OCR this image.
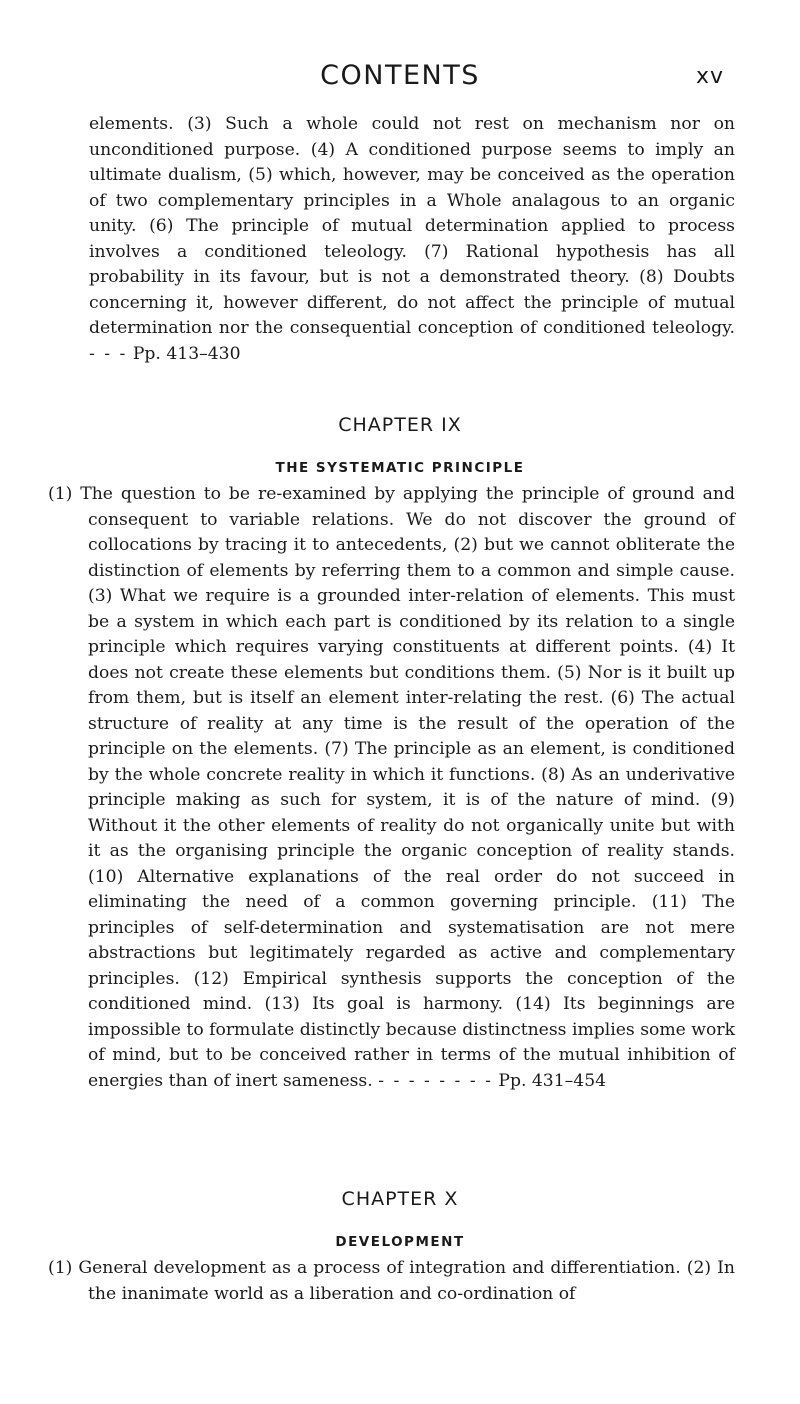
CONTENTS	xv

elements. (3) Such a whole could not rest on mechanism nor on unconditioned purpose. (4) A conditioned purpose seems to imply an ultimate dualism, (5) which, however, may be conceived as the operation of two complementary principles in a Whole analagous to an organic unity. (6) The principle of mutual determination applied to process involves a conditioned teleology. (7) Rational hypothesis has all probability in its favour, but is not a demonstrated theory. (8) Doubts concerning it, however different, do not affect the principle of mutual determination nor the consequential conception of conditioned teleology. - - - Pp. 413–430

CHAPTER IX
THE SYSTEMATIC PRINCIPLE

(1) The question to be re-examined by applying the principle of ground and consequent to variable relations. We do not discover the ground of collocations by tracing it to antecedents, (2) but we cannot obliterate the distinction of elements by referring them to a common and simple cause. (3) What we require is a grounded inter-relation of elements. This must be a system in which each part is conditioned by its relation to a single principle which requires varying constituents at different points. (4) It does not create these elements but conditions them. (5) Nor is it built up from them, but is itself an element inter-relating the rest. (6) The actual structure of reality at any time is the result of the operation of the principle on the elements. (7) The principle as an element, is conditioned by the whole concrete reality in which it functions. (8) As an underivative principle making as such for system, it is of the nature of mind. (9) Without it the other elements of reality do not organically unite but with it as the organising principle the organic conception of reality stands. (10) Alternative explanations of the real order do not succeed in eliminating the need of a common governing principle. (11) The principles of self-determination and systematisation are not mere abstractions but legitimately regarded as active and complementary principles. (12) Empirical synthesis supports the conception of the conditioned mind. (13) Its goal is harmony. (14) Its beginnings are impossible to formulate distinctly because distinctness implies some work of mind, but to be conceived rather in terms of the mutual inhibition of energies than of inert sameness. - - - - - - - - Pp. 431–454

CHAPTER X
DEVELOPMENT

(1) General development as a process of integration and differentiation. (2) In the inanimate world as a liberation and co-ordination of
